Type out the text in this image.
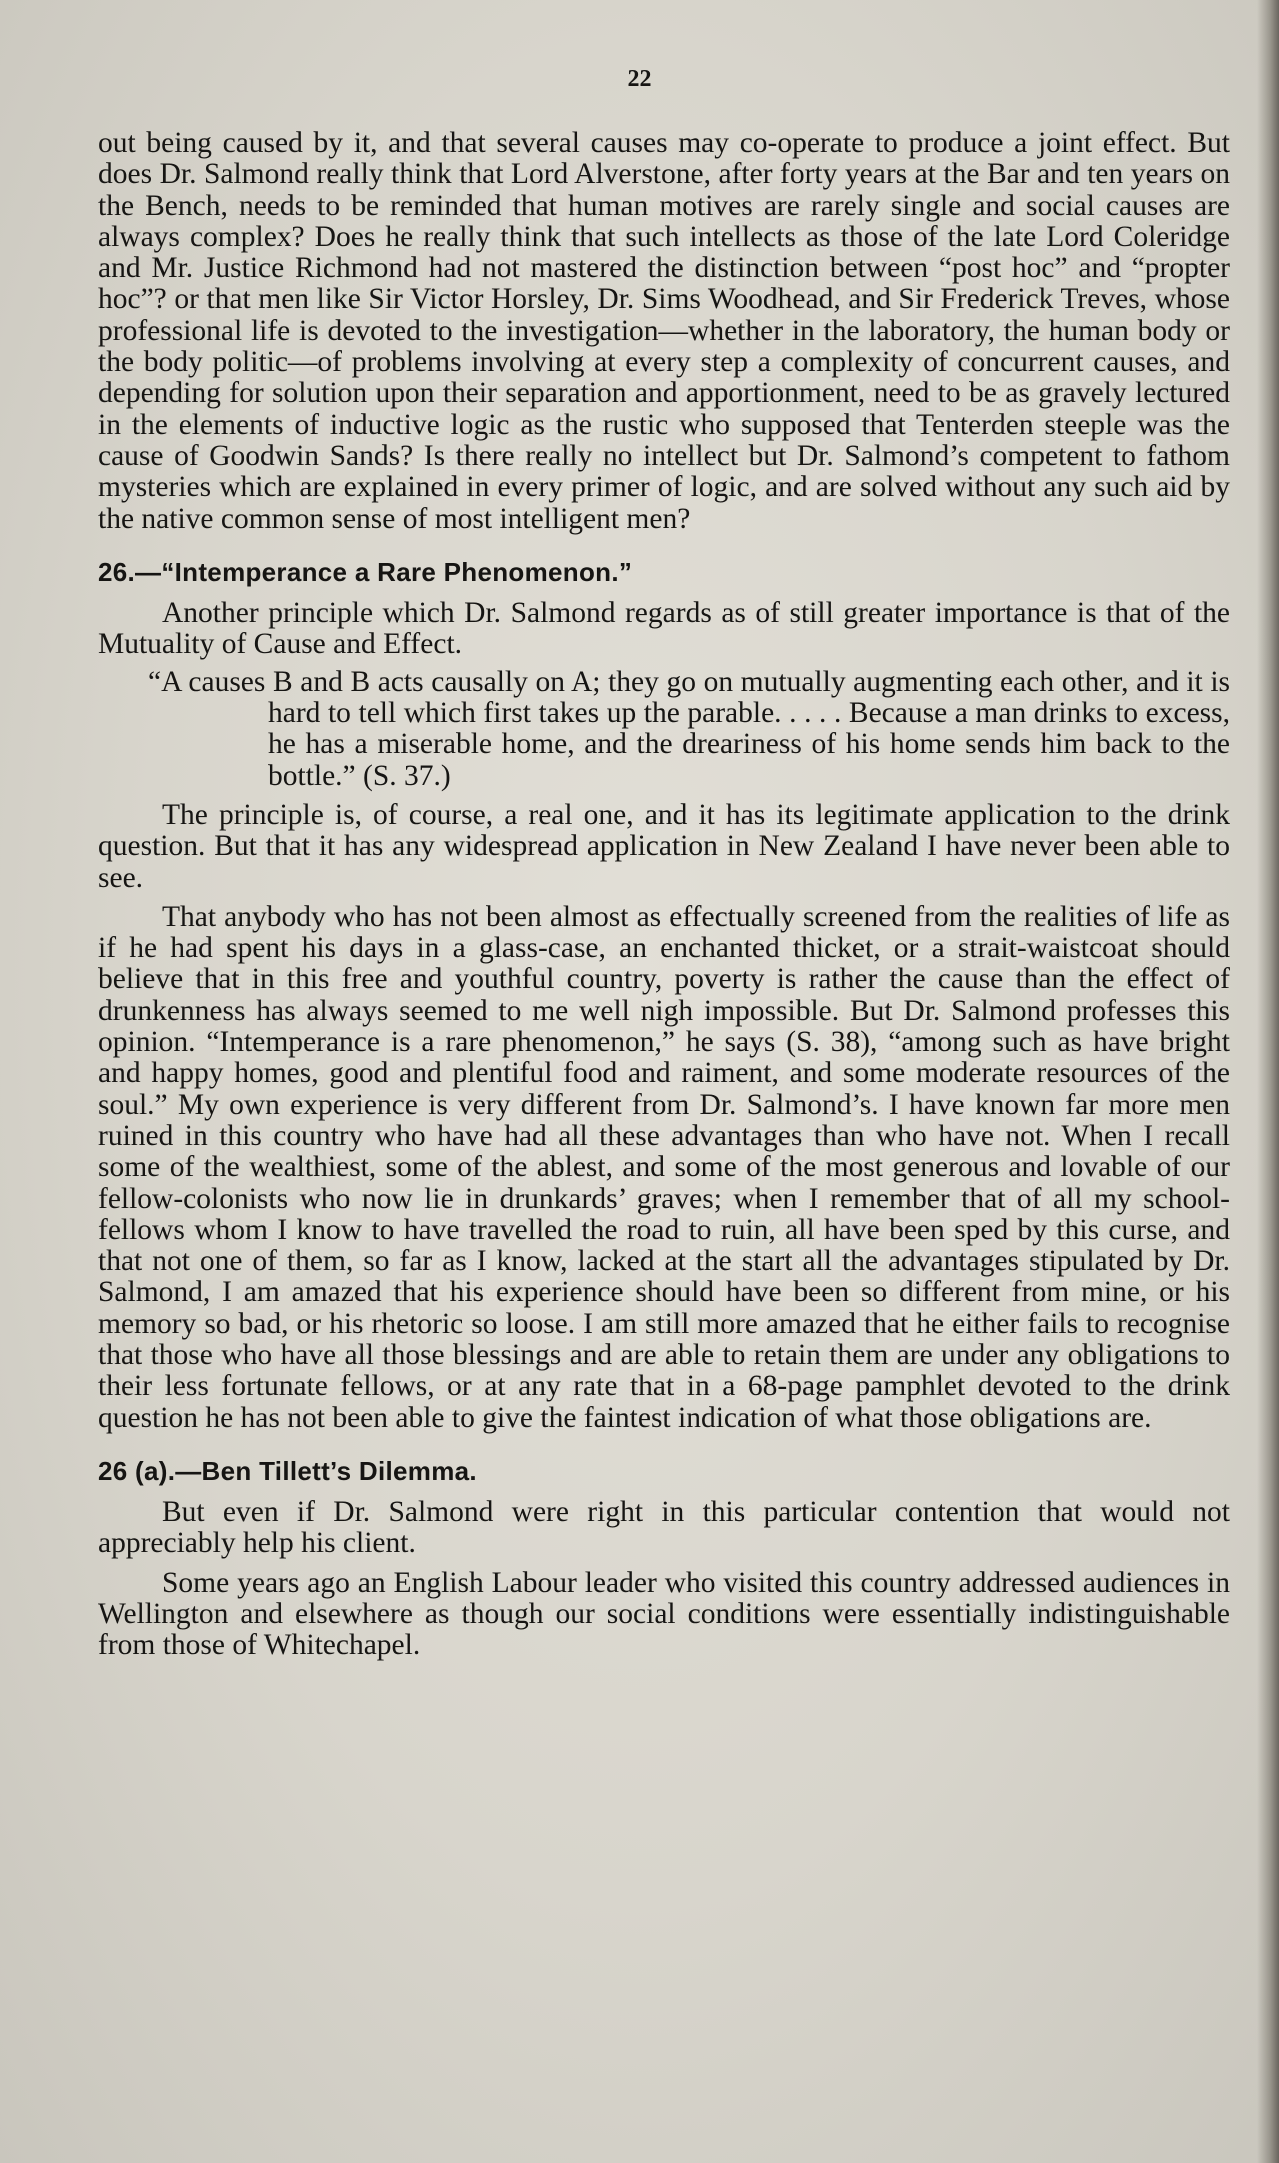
22

out being caused by it, and that several causes may co-operate to produce a joint effect. But does Dr. Salmond really think that Lord Alverstone, after forty years at the Bar and ten years on the Bench, needs to be reminded that human motives are rarely single and social causes are always complex? Does he really think that such intellects as those of the late Lord Coleridge and Mr. Justice Richmond had not mastered the distinction between “post hoc” and “propter hoc”? or that men like Sir Victor Horsley, Dr. Sims Woodhead, and Sir Frederick Treves, whose professional life is devoted to the investigation—whether in the laboratory, the human body or the body politic—of problems involving at every step a complexity of concurrent causes, and depending for solution upon their separation and apportionment, need to be as gravely lectured in the elements of inductive logic as the rustic who supposed that Tenterden steeple was the cause of Goodwin Sands? Is there really no intellect but Dr. Salmond’s competent to fathom mysteries which are explained in every primer of logic, and are solved without any such aid by the native common sense of most intelligent men?

26.—“Intemperance a Rare Phenomenon.”

Another principle which Dr. Salmond regards as of still greater importance is that of the Mutuality of Cause and Effect.

“A causes B and B acts causally on A; they go on mutually augmenting each other, and it is hard to tell which first takes up the parable. . . . . Because a man drinks to excess, he has a miserable home, and the dreariness of his home sends him back to the bottle.” (S. 37.)

The principle is, of course, a real one, and it has its legitimate application to the drink question. But that it has any widespread application in New Zealand I have never been able to see.

That anybody who has not been almost as effectually screened from the realities of life as if he had spent his days in a glass-case, an enchanted thicket, or a strait-waistcoat should believe that in this free and youthful country, poverty is rather the cause than the effect of drunkenness has always seemed to me well nigh impossible. But Dr. Salmond professes this opinion. “Intemperance is a rare phenomenon,” he says (S. 38), “among such as have bright and happy homes, good and plentiful food and raiment, and some moderate resources of the soul.” My own experience is very different from Dr. Salmond’s. I have known far more men ruined in this country who have had all these advantages than who have not. When I recall some of the wealthiest, some of the ablest, and some of the most generous and lovable of our fellow-colonists who now lie in drunkards’ graves; when I remember that of all my school-fellows whom I know to have travelled the road to ruin, all have been sped by this curse, and that not one of them, so far as I know, lacked at the start all the advantages stipulated by Dr. Salmond, I am amazed that his experience should have been so different from mine, or his memory so bad, or his rhetoric so loose. I am still more amazed that he either fails to recognise that those who have all those blessings and are able to retain them are under any obligations to their less fortunate fellows, or at any rate that in a 68-page pamphlet devoted to the drink question he has not been able to give the faintest indication of what those obligations are.

26 (a).—Ben Tillett’s Dilemma.

But even if Dr. Salmond were right in this particular contention that would not appreciably help his client.

Some years ago an English Labour leader who visited this country addressed audiences in Wellington and elsewhere as though our social conditions were essentially indistinguishable from those of Whitechapel.
